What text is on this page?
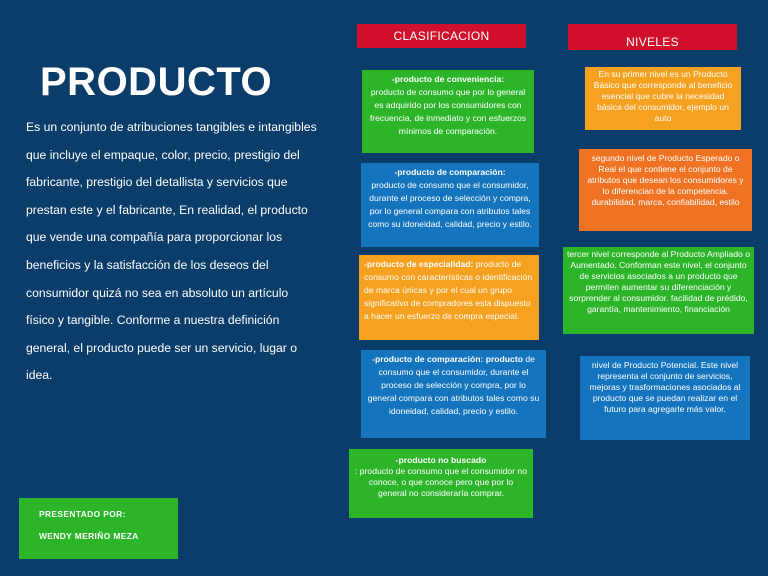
PRODUCTO
Es un conjunto de atribuciones tangibles e intangibles que incluye el empaque, color, precio, prestigio del fabricante, prestigio del detallista y servicios que prestan este y el fabricante, En realidad, el producto que vende una compañía para proporcionar los beneficios y la satisfacción de los deseos del consumidor quizá no sea en absoluto un artículo físico y tangible. Conforme a nuestra definición general, el producto puede ser un servicio, lugar o idea.
CLASIFICACION	NIVELES
-producto de conveniencia:
producto de consumo que por lo general es adquirido por los consumidores con frecuencia, de inmediato y con esfuerzos mínimos de comparación.
-producto de comparación:
producto de consumo que el consumidor, durante el proceso de selección y compra, por lo general compara con atributos tales como su idoneidad, calidad, precio y estilo.
-producto de especialidad: producto de consumo con características o identificación de marca únicas y por el cual un grupo significativo de compradores esta dispuesto a hacer un esfuerzo de compra especial.
-producto de comparación: producto de consumo que el consumidor, durante el proceso de selección y compra, por lo general compara con atributos tales como su idoneidad, calidad, precio y estilo.
-producto no buscado
: producto de consumo que el consumidor no conoce, o que conoce pero que por lo general no consideraría comprar.
En su primer nivel es un Producto Básico que corresponde al beneficio esencial que cubre la necesidad básica del consumidor, ejemplo un auto
segundo nivel de Producto Esperado o Real el que contiene el conjunto de atributos que desean los consumidores y lo diferencian de la competencia. durabilidad, marca, confiabilidad, estilo
tercer nivel corresponde al Producto Ampliado o Aumentado. Conforman este nivel, el conjunto de servicios asociados a un producto que permiten aumentar su diferenciación y sorprender al consumidor. facilidad de prédido, garantía, mantenimiento, financiación
nivel de Producto Potencial. Este nivel representa el conjunto de servicios, mejoras y trasformaciones asociados al producto que se puedan realizar en el futuro para agregarle más valor.
PRESENTADO POR:
WENDY MERIÑO MEZA
